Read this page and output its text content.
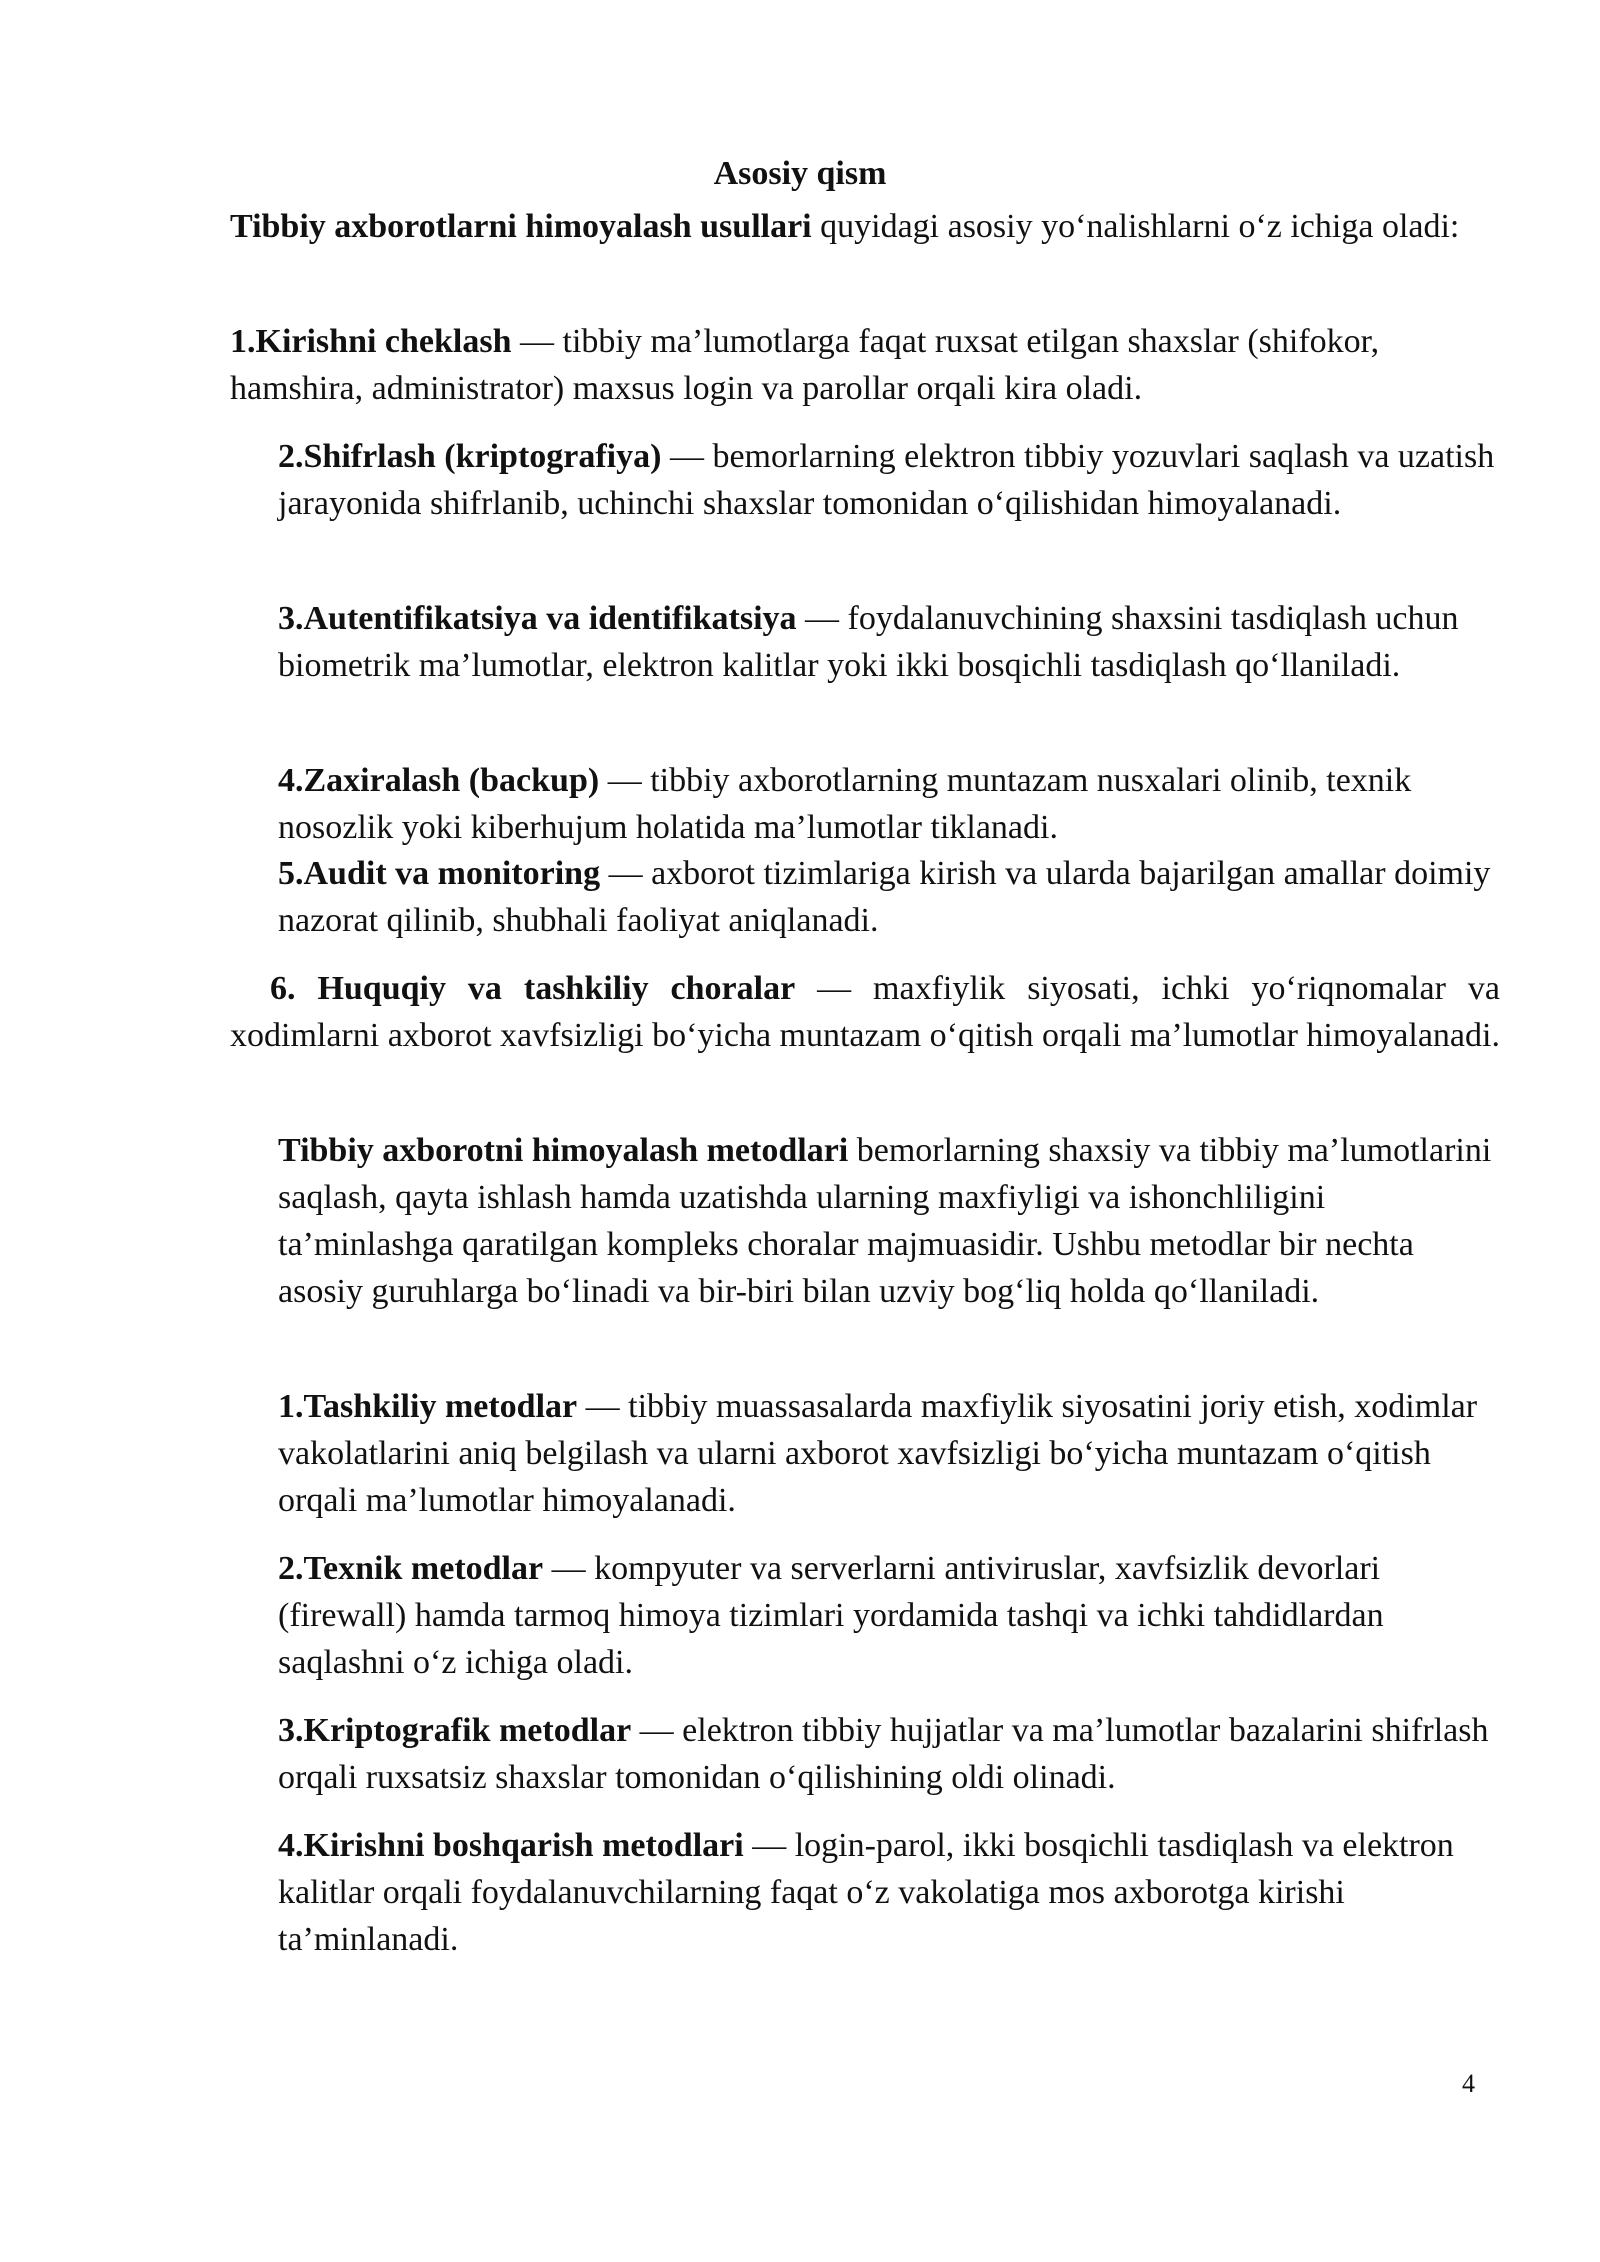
Asosiy qism

Tibbiy axborotlarni himoyalash usullari quyidagi asosiy yo‘nalishlarni o‘z ichiga oladi:

1.Kirishni cheklash — tibbiy ma’lumotlarga faqat ruxsat etilgan shaxslar (shifokor, hamshira, administrator) maxsus login va parollar orqali kira oladi.

2.Shifrlash (kriptografiya) — bemorlarning elektron tibbiy yozuvlari saqlash va uzatish jarayonida shifrlanib, uchinchi shaxslar tomonidan o‘qilishidan himoyalanadi.

3.Autentifikatsiya va identifikatsiya — foydalanuvchining shaxsini tasdiqlash uchun biometrik ma’lumotlar, elektron kalitlar yoki ikki bosqichli tasdiqlash qo‘llaniladi.

4.Zaxiralash (backup) — tibbiy axborotlarning muntazam nusxalari olinib, texnik nosozlik yoki kiberhujum holatida ma’lumotlar tiklanadi.

5.Audit va monitoring — axborot tizimlariga kirish va ularda bajarilgan amallar doimiy nazorat qilinib, shubhali faoliyat aniqlanadi.

6. Huquqiy va tashkiliy choralar — maxfiylik siyosati, ichki yo‘riqnomalar va xodimlarni axborot xavfsizligi bo‘yicha muntazam o‘qitish orqali ma’lumotlar himoyalanadi.

Tibbiy axborotni himoyalash metodlari bemorlarning shaxsiy va tibbiy ma’lumotlarini saqlash, qayta ishlash hamda uzatishda ularning maxfiyligi va ishonchliligini ta’minlashga qaratilgan kompleks choralar majmuasidir. Ushbu metodlar bir nechta asosiy guruhlarga bo‘linadi va bir-biri bilan uzviy bog‘liq holda qo‘llaniladi.

1.Tashkiliy metodlar — tibbiy muassasalarda maxfiylik siyosatini joriy etish, xodimlar vakolatlarini aniq belgilash va ularni axborot xavfsizligi bo‘yicha muntazam o‘qitish orqali ma’lumotlar himoyalanadi.

2.Texnik metodlar — kompyuter va serverlarni antiviruslar, xavfsizlik devorlari (firewall) hamda tarmoq himoya tizimlari yordamida tashqi va ichki tahdidlardan saqlashni o‘z ichiga oladi.

3.Kriptografik metodlar — elektron tibbiy hujjatlar va ma’lumotlar bazalarini shifrlash orqali ruxsatsiz shaxslar tomonidan o‘qilishining oldi olinadi.

4.Kirishni boshqarish metodlari — login-parol, ikki bosqichli tasdiqlash va elektron kalitlar orqali foydalanuvchilarning faqat o‘z vakolatiga mos axborotga kirishi ta’minlanadi.

4
